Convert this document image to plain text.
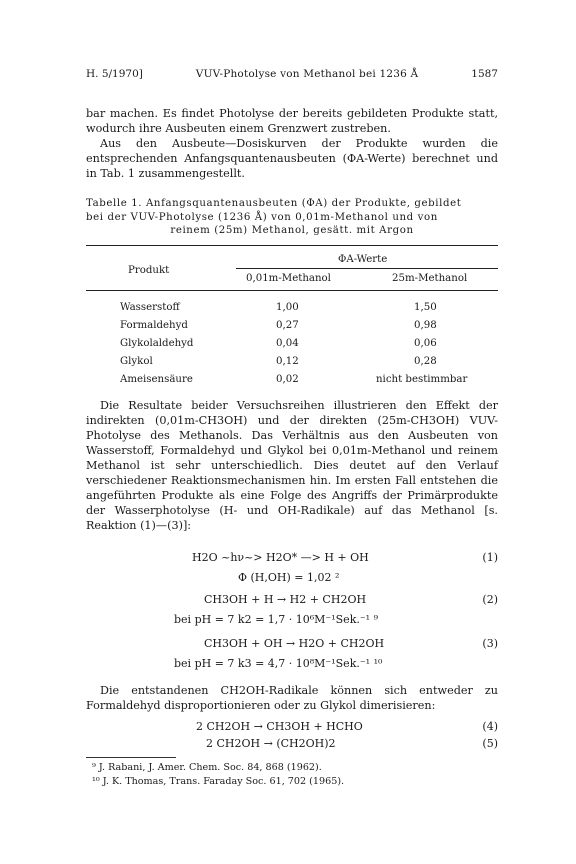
H. 5/1970]	VUV-Photolyse von Methanol bei 1236 Å	1587
bar machen. Es findet Photolyse der bereits gebildeten Produkte statt, wodurch ihre Ausbeuten einem Grenzwert zustreben.
Aus den Ausbeute—Dosiskurven der Produkte wurden die entsprechenden Anfangsquantenausbeuten (ΦA-Werte) berechnet und in Tab. 1 zusammengestellt.
Tabelle 1. Anfangsquantenausbeuten (ΦA) der Produkte, gebildet
bei der VUV-Photolyse (1236 Å) von 0,01m-Methanol und von

reinem (25m) Methanol, gesätt. mit Argon
Produkt
ΦA-Werte
0,01m-Methanol	25m-Methanol
Wasserstoff	1,00	1,50
Formaldehyd	0,27	0,98
Glykolaldehyd	0,04	0,06
Glykol	0,12	0,28
Ameisensäure	0,02	nicht bestimmbar
Die Resultate beider Versuchsreihen illustrieren den Effekt der indirekten (0,01m-CH3OH) und der direkten (25m-CH3OH) VUV-Photolyse des Methanols. Das Verhältnis aus den Ausbeuten von Wasserstoff, Formaldehyd und Glykol bei 0,01m-Methanol und reinem Methanol ist sehr unterschiedlich. Dies deutet auf den Verlauf verschiedener Reaktionsmechanismen hin. Im ersten Fall entstehen die angeführten Produkte als eine Folge des Angriffs der Primärprodukte der Wasserphotolyse (H- und OH-Radikale) auf das Methanol [s. Reaktion (1)—(3)]:
H2O ~hν~> H2O* —> H + OH	(1)
Φ (H,OH) = 1,02 ²
CH3OH + H → H2 + CH2OH	(2)
bei pH = 7 k2 = 1,7 · 10⁶M⁻¹Sek.⁻¹ ⁹
CH3OH + OH → H2O + CH2OH	(3)
bei pH = 7 k3 = 4,7 · 10⁸M⁻¹Sek.⁻¹ ¹⁰
Die entstandenen CH2OH-Radikale können sich entweder zu Formaldehyd disproportionieren oder zu Glykol dimerisieren:
2 CH2OH → CH3OH + HCHO	(4)
2 CH2OH → (CH2OH)2	(5)
⁹ J. Rabani, J. Amer. Chem. Soc. 84, 868 (1962).
¹⁰ J. K. Thomas, Trans. Faraday Soc. 61, 702 (1965).
